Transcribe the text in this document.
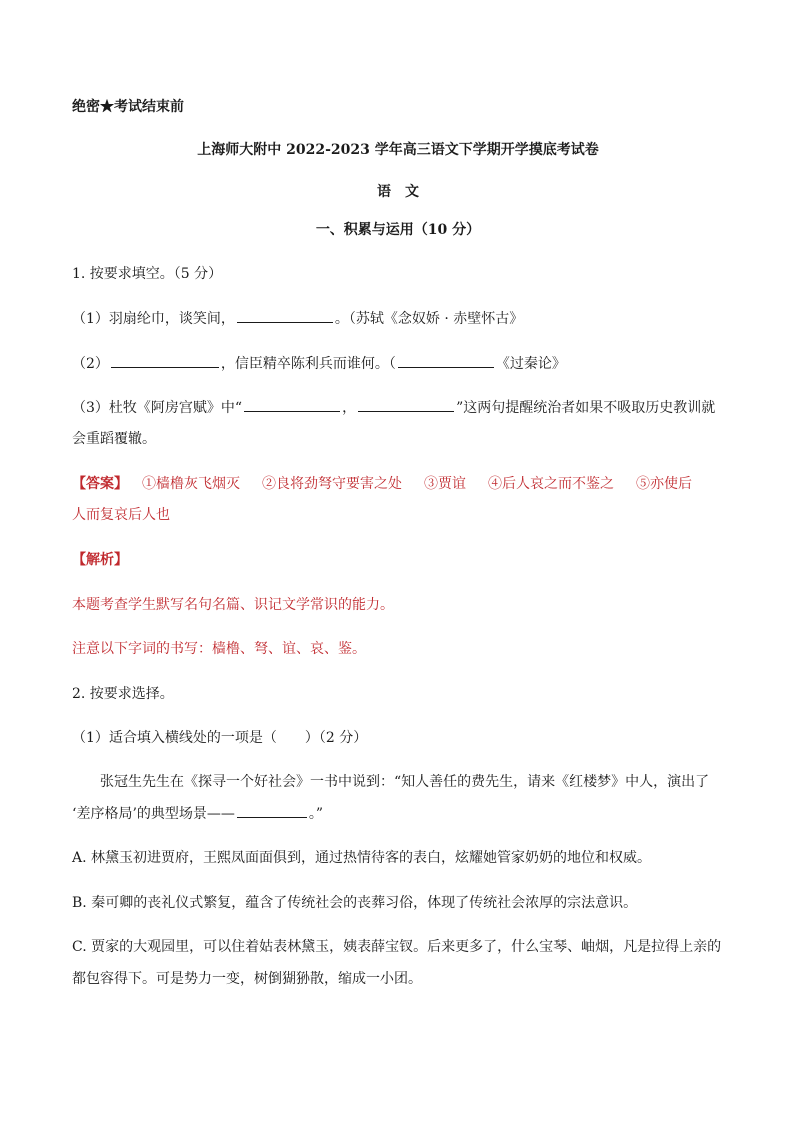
绝密★考试结束前
上海师大附中 2022-2023 学年高三语文下学期开学摸底考试卷
语　文
一、积累与运用（10 分）
1. 按要求填空。（5 分）
（1）羽扇纶巾，谈笑间，	。（苏轼《念奴娇 · 赤壁怀古》
（2）	，信臣精卒陈利兵而谁何。（	《过秦论》
（3）杜牧《阿房宫赋》中“	，	”这两句提醒统治者如果不吸取历史教训就
会重蹈覆辙。
【答案】 ①樯橹灰飞烟灭 ②良将劲弩守要害之处 ③贾谊 ④后人哀之而不鉴之 ⑤亦使后
人而复哀后人也
【解析】
本题考查学生默写名句名篇、识记文学常识的能力。
注意以下字词的书写：樯橹、弩、谊、哀、鉴。
2. 按要求选择。
（1）适合填入横线处的一项是（　　）（2 分）
张冠生先生在《探寻一个好社会》一书中说到：“知人善任的费先生，请来《红楼梦》中人，演出了
‘差序格局’的典型场景——	。”
A. 林黛玉初进贾府，王熙凤面面俱到，通过热情待客的表白，炫耀她管家奶奶的地位和权威。
B. 秦可卿的丧礼仪式繁复，蕴含了传统社会的丧葬习俗，体现了传统社会浓厚的宗法意识。
C. 贾家的大观园里，可以住着姑表林黛玉，姨表薛宝钗。后来更多了，什么宝琴、岫烟，凡是拉得上亲的
都包容得下。可是势力一变，树倒猢狲散，缩成一小团。
